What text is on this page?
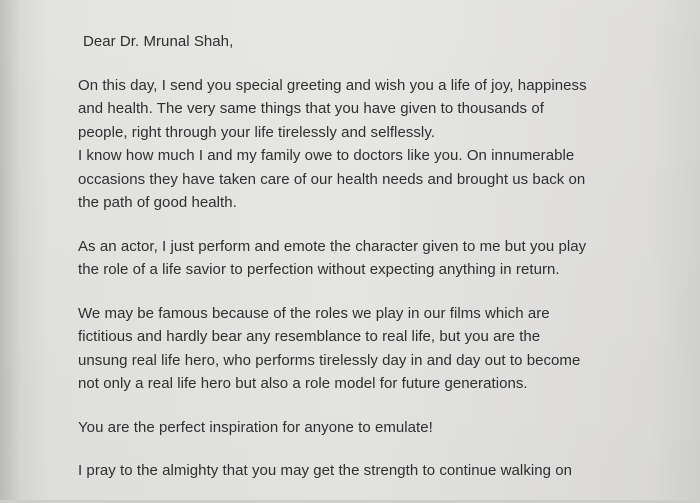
Dear Dr. Mrunal Shah,
On this day, I send you special greeting and wish you a life of joy, happiness
and health. The very same things that you have given to thousands of
people, right through your life tirelessly and selflessly.
I know how much I and my family owe to doctors like you. On innumerable
occasions they have taken care of our health needs and brought us back on
the path of good health.
As an actor, I just perform and emote the character given to me but you play
the role of a life savior to perfection without expecting anything in return.
We may be famous because of the roles we play in our films which are
fictitious and hardly bear any resemblance to real life, but you are the
unsung real life hero, who performs tirelessly day in and day out to become
not only a real life hero but also a role model for future generations.
You are the perfect inspiration for anyone to emulate!
I pray to the almighty that you may get the strength to continue walking on
